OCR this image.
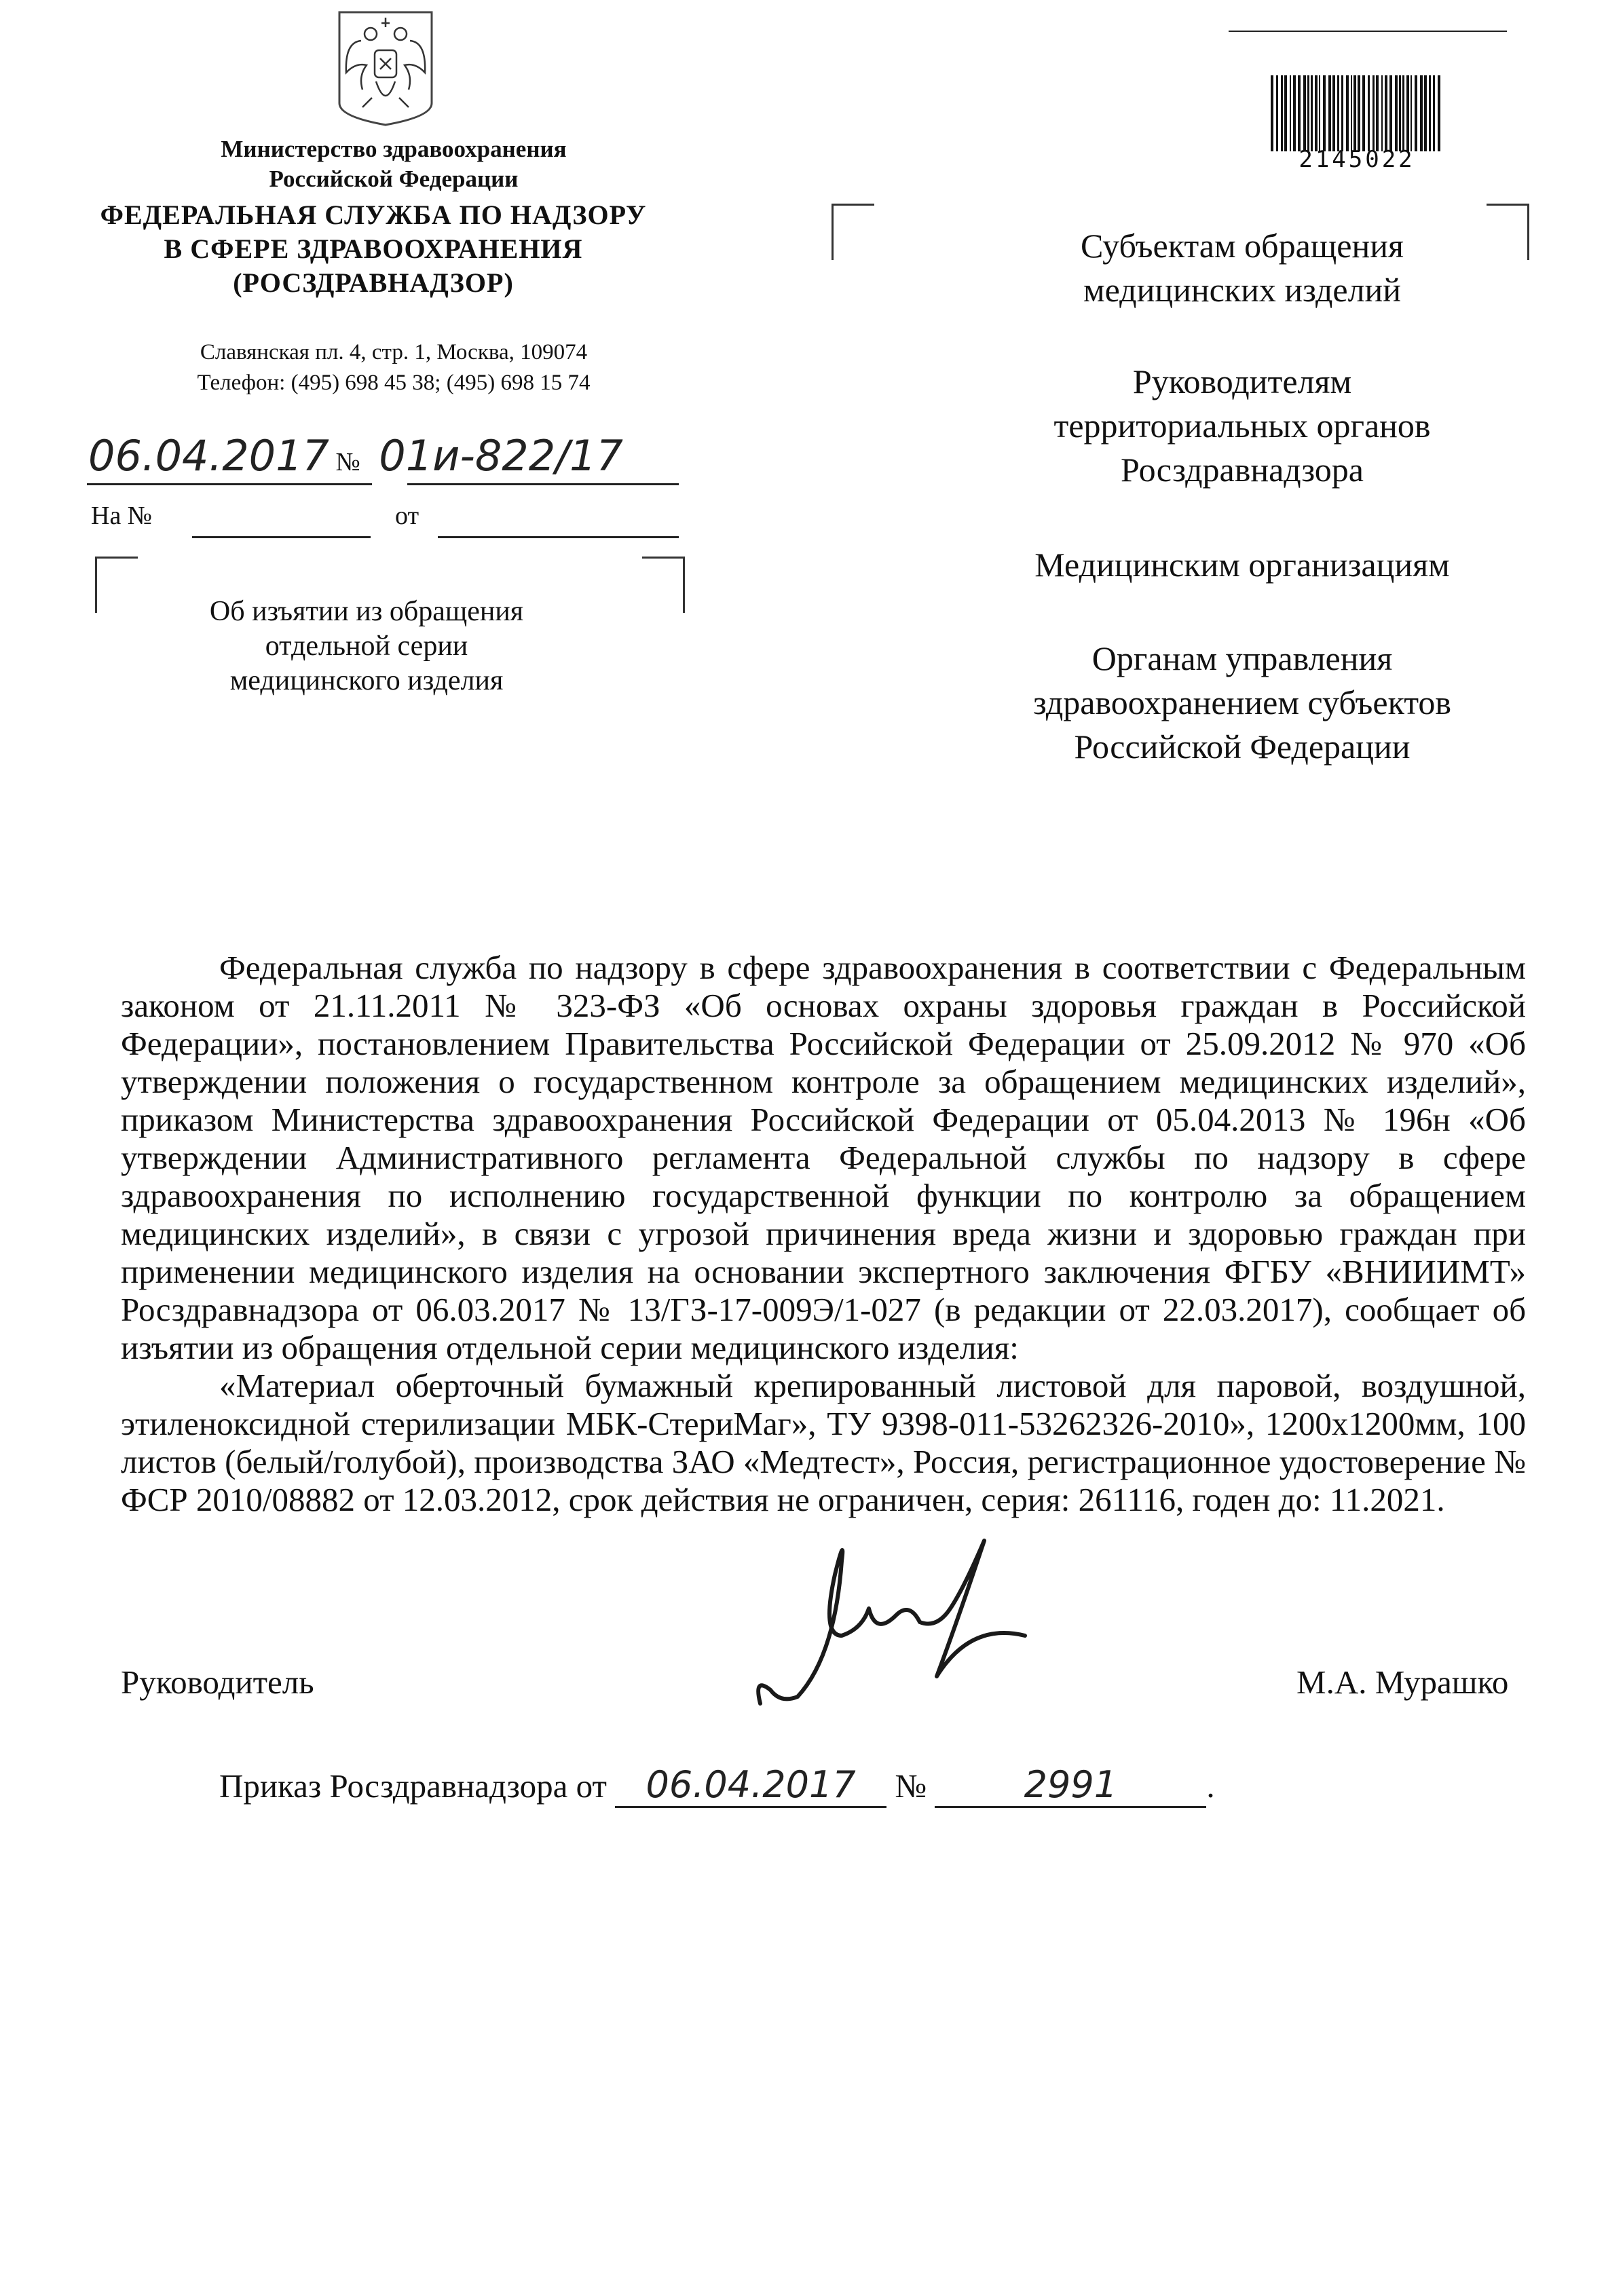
Министерство здравоохранения
Российской Федерации
ФЕДЕРАЛЬНАЯ СЛУЖБА ПО НАДЗОРУ
В СФЕРЕ ЗДРАВООХРАНЕНИЯ
(РОСЗДРАВНАДЗОР)
Славянская пл. 4, стр. 1, Москва, 109074
Телефон: (495) 698 45 38; (495) 698 15 74
06.04.2017 № 01и-822/17
На №	от
Об изъятии из обращения
отдельной серии
медицинского изделия
2145022
Субъектам обращения
медицинских изделий
Руководителям
территориальных органов
Росздравнадзора
Медицинским организациям
Органам управления
здравоохранением субъектов
Российской Федерации

Федеральная служба по надзору в сфере здравоохранения в соответствии с Федеральным законом от 21.11.2011 № 323-ФЗ «Об основах охраны здоровья граждан в Российской Федерации», постановлением Правительства Российской Федерации от 25.09.2012 № 970 «Об утверждении положения о государственном контроле за обращением медицинских изделий», приказом Министерства здравоохранения Российской Федерации от 05.04.2013 № 196н «Об утверждении Административного регламента Федеральной службы по надзору в сфере здравоохранения по исполнению государственной функции по контролю за обращением медицинских изделий», в связи с угрозой причинения вреда жизни и здоровью граждан при применении медицинского изделия на основании экспертного заключения ФГБУ «ВНИИИМТ» Росздравнадзора от 06.03.2017 № 13/ГЗ-17-009Э/1-027 (в редакции от 22.03.2017), сообщает об изъятии из обращения отдельной серии медицинского изделия:

«Материал оберточный бумажный крепированный листовой для паровой, воздушной, этиленоксидной стерилизации МБК-СтериМаг», ТУ 9398-011-53262326-2010», 1200х1200мм, 100 листов (белый/голубой), производства ЗАО «Медтест», Россия, регистрационное удостоверение № ФСР 2010/08882 от 12.03.2012, срок действия не ограничен, серия: 261116, годен до: 11.2021.

Приказ Росздравнадзора от 06.04.2017 №	2991	.
Руководитель	М.А. Мурашко
